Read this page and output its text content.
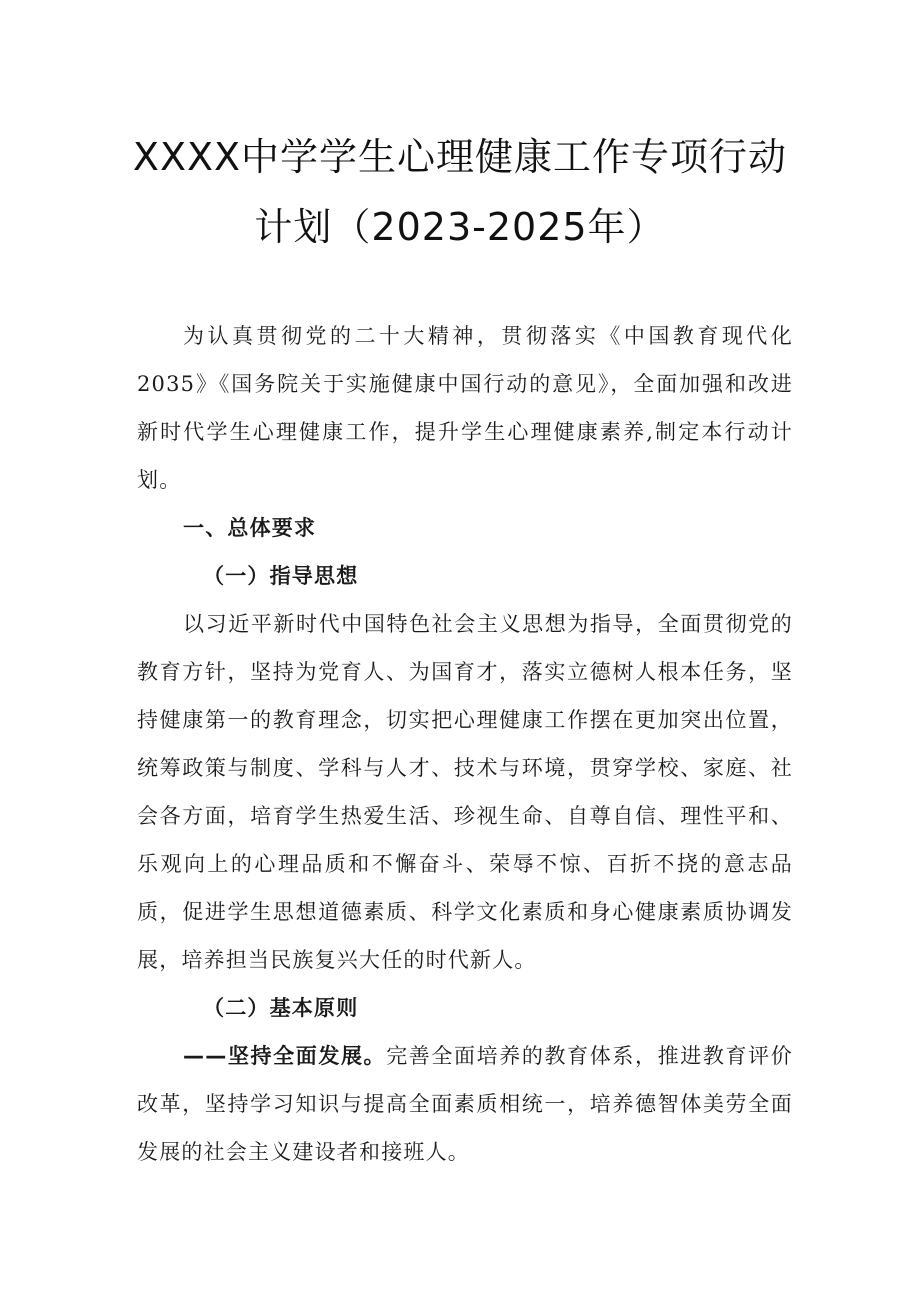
XXXX中学学生心理健康工作专项行动
计划（2023-2025年）

为认真贯彻党的二十大精神，贯彻落实《中国教育现代化2035》《国务院关于实施健康中国行动的意见》，全面加强和改进新时代学生心理健康工作，提升学生心理健康素养,制定本行动计划。

一、总体要求

（一）指导思想

以习近平新时代中国特色社会主义思想为指导，全面贯彻党的教育方针，坚持为党育人、为国育才，落实立德树人根本任务，坚持健康第一的教育理念，切实把心理健康工作摆在更加突出位置，统筹政策与制度、学科与人才、技术与环境，贯穿学校、家庭、社会各方面，培育学生热爱生活、珍视生命、自尊自信、理性平和、乐观向上的心理品质和不懈奋斗、荣辱不惊、百折不挠的意志品质，促进学生思想道德素质、科学文化素质和身心健康素质协调发展，培养担当民族复兴大任的时代新人。

（二）基本原则

——坚持全面发展。完善全面培养的教育体系，推进教育评价改革，坚持学习知识与提高全面素质相统一，培养德智体美劳全面发展的社会主义建设者和接班人。
